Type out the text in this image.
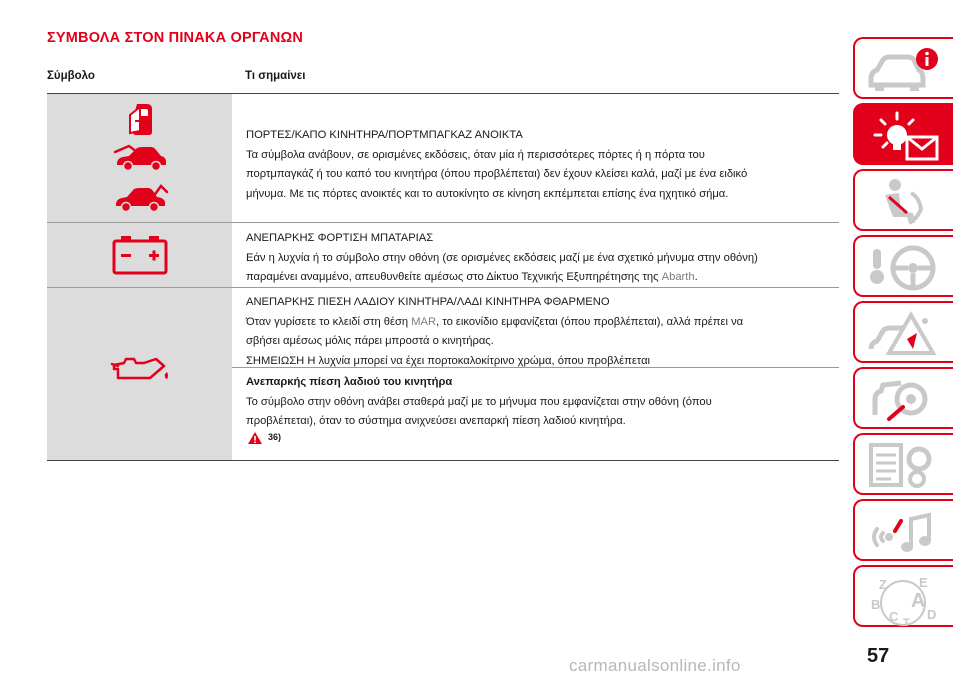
ΣΥΜΒΟΛΑ ΣΤΟΝ ΠΙΝΑΚΑ ΟΡΓΑΝΩΝ
Σύμβολο	Τι σημαίνει
ΠΟΡΤΕΣ/ΚΑΠΟ ΚΙΝΗΤΗΡΑ/ΠΟΡΤΜΠΑΓΚΑΖ ΑΝΟΙΚΤΑ
Τα σύμβολα ανάβουν, σε ορισμένες εκδόσεις, όταν μία ή περισσότερες πόρτες ή η πόρτα του
πορτμπαγκάζ ή του καπό του κινητήρα (όπου προβλέπεται) δεν έχουν κλείσει καλά, μαζί με ένα ειδικό
μήνυμα. Με τις πόρτες ανοικτές και το αυτοκίνητο σε κίνηση εκπέμπεται επίσης ένα ηχητικό σήμα.
ΑΝΕΠΑΡΚΗΣ ΦΟΡΤΙΣΗ ΜΠΑΤΑΡΙΑΣ
Εάν η λυχνία ή το σύμβολο στην οθόνη (σε ορισμένες εκδόσεις μαζί με ένα σχετικό μήνυμα στην οθόνη)
παραμένει αναμμένο, απευθυνθείτε αμέσως στο Δίκτυο Τεχνικής Εξυπηρέτησης της Abarth.
ΑΝΕΠΑΡΚΗΣ ΠΙΕΣΗ ΛΑΔΙΟΥ ΚΙΝΗΤΗΡΑ/ΛΑΔΙ ΚΙΝΗΤΗΡΑ ΦΘΑΡΜΕΝΟ
Όταν γυρίσετε το κλειδί στη θέση MAR, το εικονίδιο εμφανίζεται (όπου προβλέπεται), αλλά πρέπει να
σβήσει αμέσως μόλις πάρει μπροστά ο κινητήρας.
ΣΗΜΕΙΩΣΗ Η λυχνία μπορεί να έχει πορτοκαλοκίτρινο χρώμα, όπου προβλέπεται
Ανεπαρκής πίεση λαδιού του κινητήρα
Το σύμβολο στην οθόνη ανάβει σταθερά μαζί με το μήνυμα που εμφανίζεται στην οθόνη (όπου
προβλέπεται), όταν το σύστημα ανιχνεύσει ανεπαρκή πίεση λαδιού κινητήρα.
36)
Z E
B A
C D
T
57
carmanualsonline.info
